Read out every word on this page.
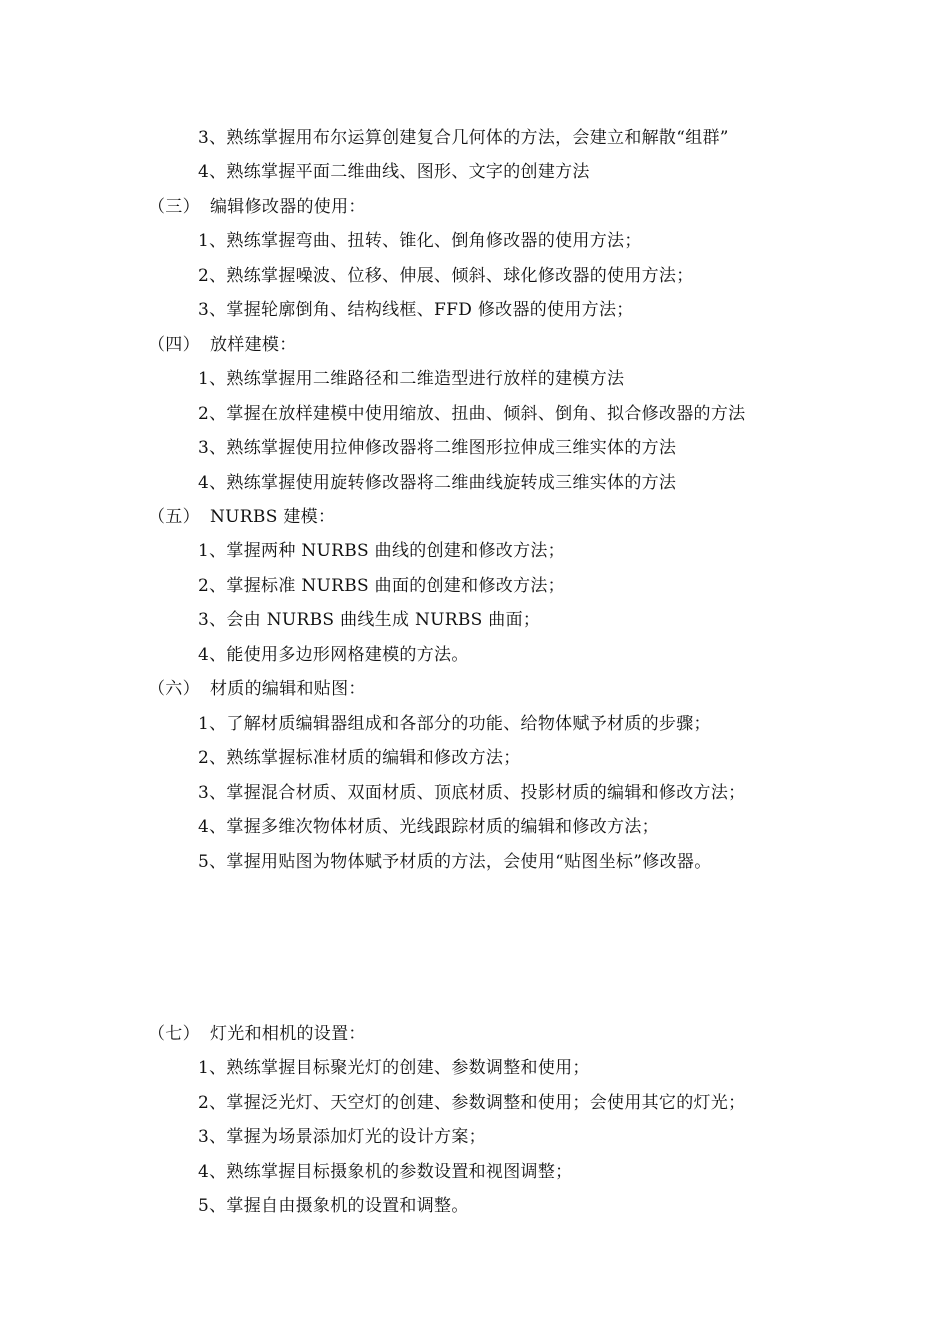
3、熟练掌握用布尔运算创建复合几何体的方法，会建立和解散“组群”
4、熟练掌握平面二维曲线、图形、文字的创建方法
（三） 编辑修改器的使用：
1、熟练掌握弯曲、扭转、锥化、倒角修改器的使用方法；
2、熟练掌握噪波、位移、伸展、倾斜、球化修改器的使用方法；
3、掌握轮廓倒角、结构线框、FFD 修改器的使用方法；
（四） 放样建模：
1、熟练掌握用二维路径和二维造型进行放样的建模方法
2、掌握在放样建模中使用缩放、扭曲、倾斜、倒角、拟合修改器的方法
3、熟练掌握使用拉伸修改器将二维图形拉伸成三维实体的方法
4、熟练掌握使用旋转修改器将二维曲线旋转成三维实体的方法
（五） NURBS 建模：
1、掌握两种 NURBS 曲线的创建和修改方法；
2、掌握标准 NURBS 曲面的创建和修改方法；
3、会由 NURBS 曲线生成 NURBS 曲面；
4、能使用多边形网格建模的方法。
（六） 材质的编辑和贴图：
1、了解材质编辑器组成和各部分的功能、给物体赋予材质的步骤；
2、熟练掌握标准材质的编辑和修改方法；
3、掌握混合材质、双面材质、顶底材质、投影材质的编辑和修改方法；
4、掌握多维次物体材质、光线跟踪材质的编辑和修改方法；
5、掌握用贴图为物体赋予材质的方法，会使用“贴图坐标”修改器。
（七） 灯光和相机的设置：
1、熟练掌握目标聚光灯的创建、参数调整和使用；
2、掌握泛光灯、天空灯的创建、参数调整和使用；会使用其它的灯光；
3、掌握为场景添加灯光的设计方案；
4、熟练掌握目标摄象机的参数设置和视图调整；
5、掌握自由摄象机的设置和调整。
